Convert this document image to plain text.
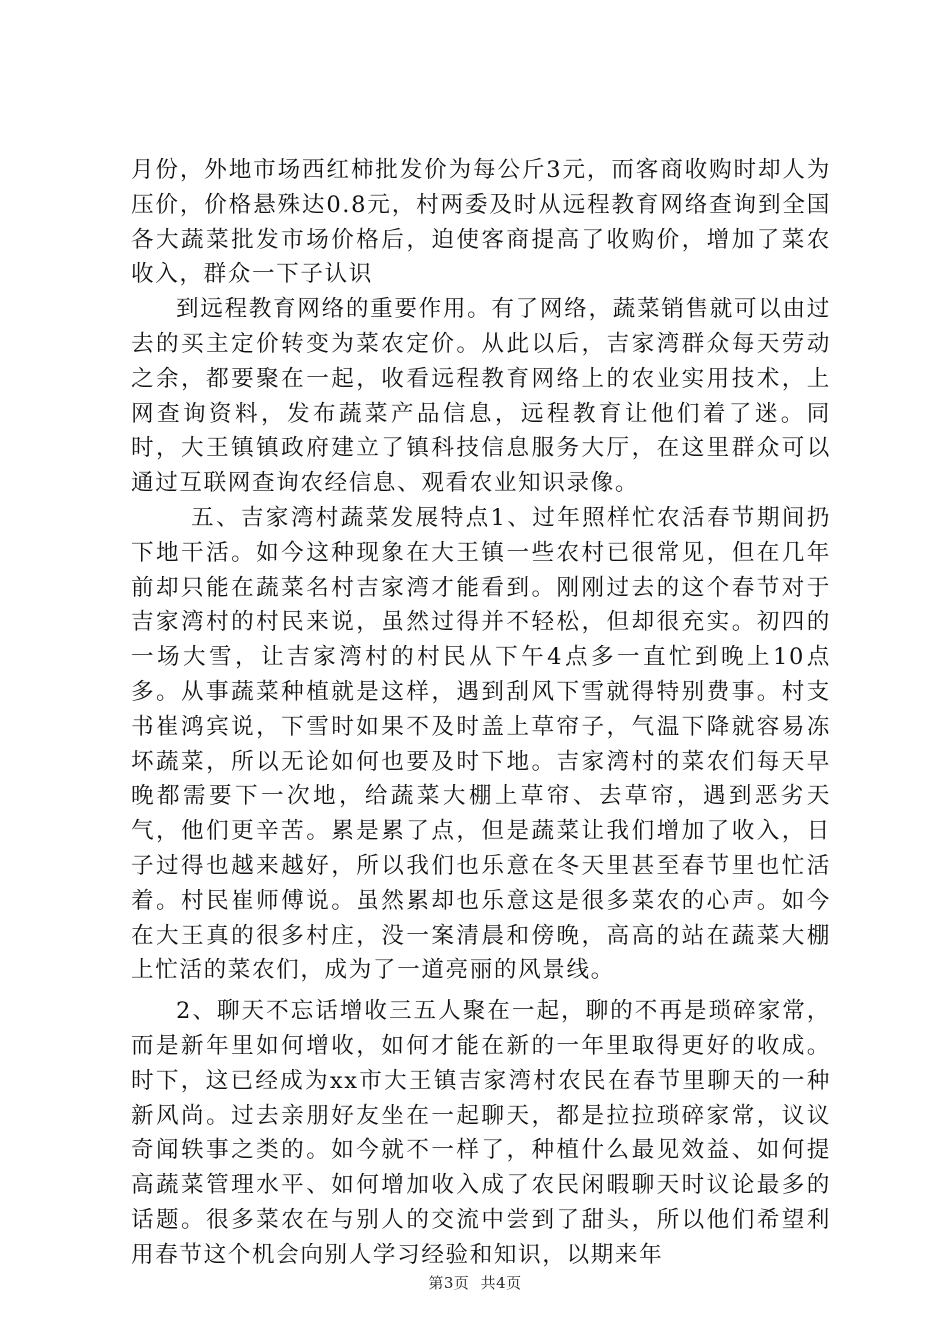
月份，外地市场西红柿批发价为每公斤3元，而客商收购时却人为压价，价格悬殊达0.8元，村两委及时从远程教育网络查询到全国各大蔬菜批发市场价格后，迫使客商提高了收购价，增加了菜农收入，群众一下子认识

到远程教育网络的重要作用。有了网络，蔬菜销售就可以由过去的买主定价转变为菜农定价。从此以后，吉家湾群众每天劳动之余，都要聚在一起，收看远程教育网络上的农业实用技术，上网查询资料，发布蔬菜产品信息，远程教育让他们着了迷。同时，大王镇镇政府建立了镇科技信息服务大厅，在这里群众可以通过互联网查询农经信息、观看农业知识录像。

五、吉家湾村蔬菜发展特点1、过年照样忙农活春节期间扔下地干活。如今这种现象在大王镇一些农村已很常见，但在几年前却只能在蔬菜名村吉家湾才能看到。刚刚过去的这个春节对于吉家湾村的村民来说，虽然过得并不轻松，但却很充实。初四的一场大雪，让吉家湾村的村民从下午4点多一直忙到晚上10点多。从事蔬菜种植就是这样，遇到刮风下雪就得特别费事。村支书崔鸿宾说，下雪时如果不及时盖上草帘子，气温下降就容易冻坏蔬菜，所以无论如何也要及时下地。吉家湾村的菜农们每天早晚都需要下一次地，给蔬菜大棚上草帘、去草帘，遇到恶劣天气，他们更辛苦。累是累了点，但是蔬菜让我们增加了收入，日子过得也越来越好，所以我们也乐意在冬天里甚至春节里也忙活着。村民崔师傅说。虽然累却也乐意这是很多菜农的心声。如今在大王真的很多村庄，没一案清晨和傍晚，高高的站在蔬菜大棚上忙活的菜农们，成为了一道亮丽的风景线。

2、聊天不忘话增收三五人聚在一起，聊的不再是琐碎家常，而是新年里如何增收，如何才能在新的一年里取得更好的收成。时下，这已经成为xx市大王镇吉家湾村农民在春节里聊天的一种新风尚。过去亲朋好友坐在一起聊天，都是拉拉琐碎家常，议议奇闻轶事之类的。如今就不一样了，种植什么最见效益、如何提高蔬菜管理水平、如何增加收入成了农民闲暇聊天时议论最多的话题。很多菜农在与别人的交流中尝到了甜头，所以他们希望利用春节这个机会向别人学习经验和知识，以期来年

第3页 共4页
